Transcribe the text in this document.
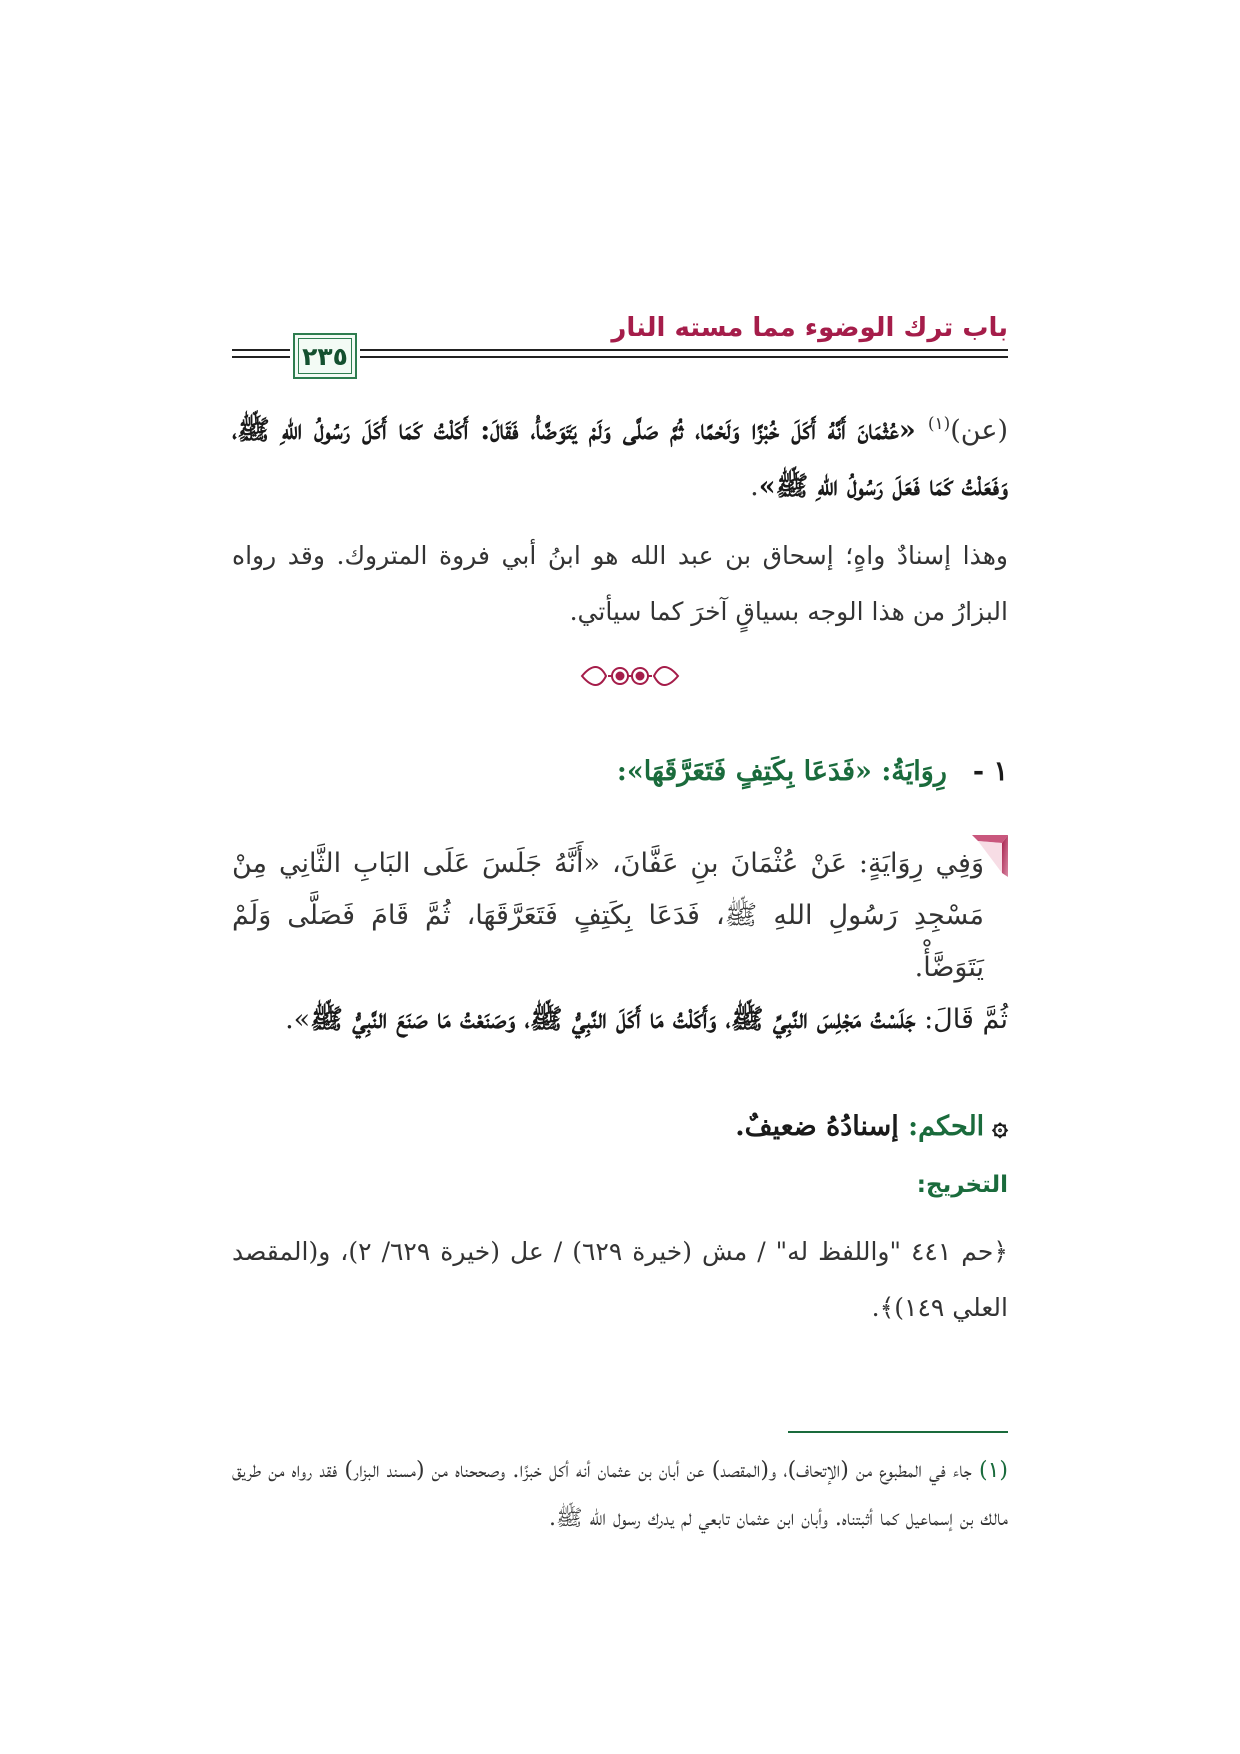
باب ترك الوضوء مما مسته النار
٢٣٥
(عن)$^{(١)}$ «عُثْمَانَ أَنَّهُ أَكَلَ خُبْزًا وَلَحْمًا، ثُمَّ صَلَّى وَلَمْ يَتَوَضَّأْ، فَقَالَ: أَكَلْتُ كَمَا أَكَلَ رَسُولُ اللهِ ﷺ، وَفَعَلْتُ كَمَا فَعَلَ رَسُولُ اللهِ ﷺ».
وهذا إسنادٌ واهٍ؛ إسحاق بن عبد الله هو ابنُ أبي فروة المتروك. وقد رواه البزارُ من هذا الوجه بسياقٍ آخرَ كما سيأتي.
١ -رِوَايَةُ: «فَدَعَا بِكَتِفٍ فَتَعَرَّقَهَا»:
وَفِي رِوَايَةٍ: عَنْ عُثْمَانَ بنِ عَفَّانَ، «أَنَّهُ جَلَسَ عَلَى البَابِ الثَّانِي مِنْ مَسْجِدِ رَسُولِ اللهِ ﷺ، فَدَعَا بِكَتِفٍ فَتَعَرَّقَهَا، ثُمَّ قَامَ فَصَلَّى وَلَمْ يَتَوَضَّأْ.
ثُمَّ قَالَ: جَلَسْتُ مَجْلِسَ النَّبِيِّ ﷺ، وَأَكَلْتُ مَا أَكَلَ النَّبِيُّ ﷺ، وَصَنَعْتُ مَا صَنَعَ النَّبِيُّ ﷺ».
۞الحكم: إسنادُهُ ضعيفٌ.
التخريج:
﴿حم ٤٤١ "واللفظ له" / مش (خيرة ٦٢٩) / عل (خيرة ٦٢٩/ ٢)، و(المقصد العلي ١٤٩)﴾.
(١) جاء في المطبوع من (الإتحاف)، و(المقصد) عن أبان بن عثمان أنه أكل خبزًا. وصححناه من (مسند البزار) فقد رواه من طريق مالك بن إسماعيل كما أثبتناه. وأبان ابن عثمان تابعي لم يدرك رسول الله ﷺ.
